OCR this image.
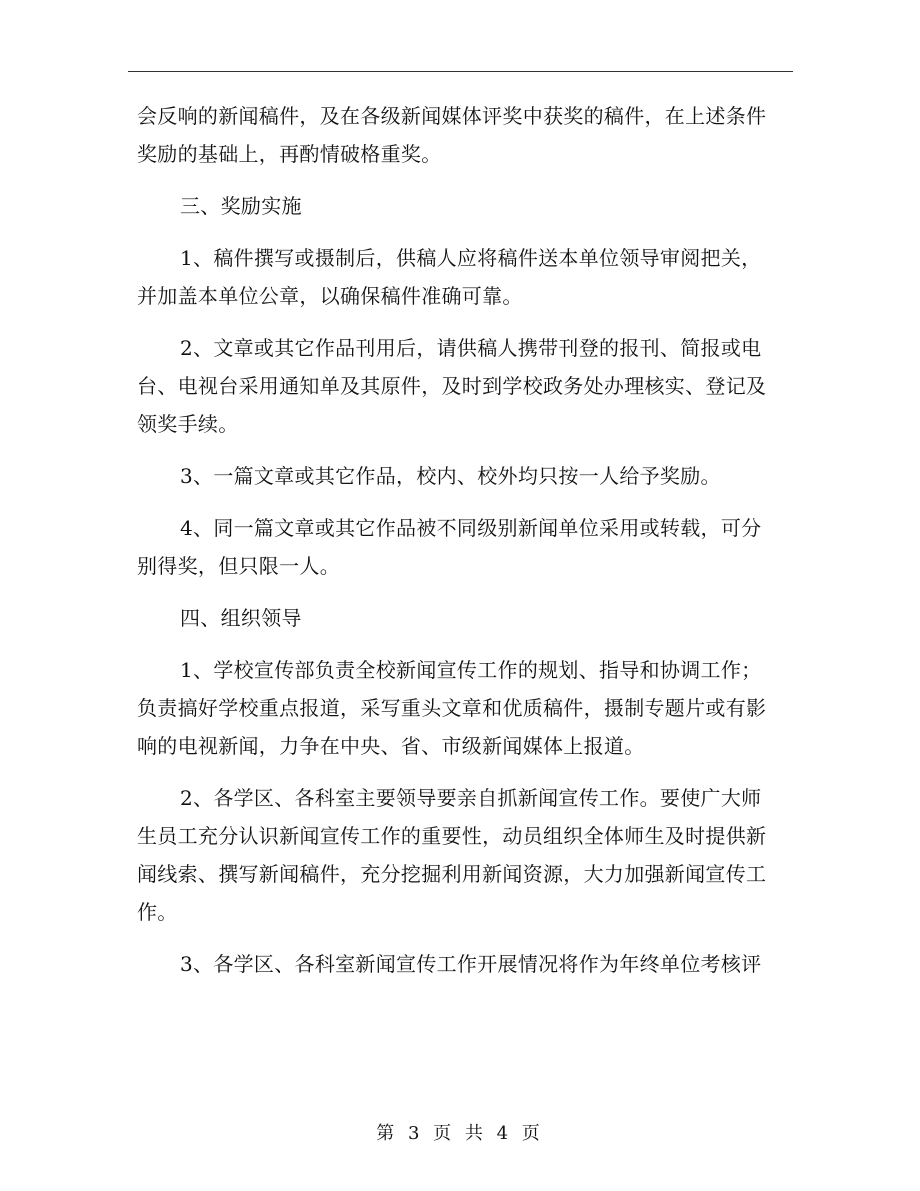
会反响的新闻稿件，及在各级新闻媒体评奖中获奖的稿件，在上述条件
奖励的基础上，再酌情破格重奖。

三、奖励实施

1、稿件撰写或摄制后，供稿人应将稿件送本单位领导审阅把关，
并加盖本单位公章，以确保稿件准确可靠。

2、文章或其它作品刊用后，请供稿人携带刊登的报刊、简报或电
台、电视台采用通知单及其原件，及时到学校政务处办理核实、登记及
领奖手续。

3、一篇文章或其它作品，校内、校外均只按一人给予奖励。

4、同一篇文章或其它作品被不同级别新闻单位采用或转载，可分
别得奖，但只限一人。

四、组织领导

1、学校宣传部负责全校新闻宣传工作的规划、指导和协调工作；
负责搞好学校重点报道，采写重头文章和优质稿件，摄制专题片或有影
响的电视新闻，力争在中央、省、市级新闻媒体上报道。

2、各学区、各科室主要领导要亲自抓新闻宣传工作。要使广大师
生员工充分认识新闻宣传工作的重要性，动员组织全体师生及时提供新
闻线索、撰写新闻稿件，充分挖掘利用新闻资源，大力加强新闻宣传工
作。

3、各学区、各科室新闻宣传工作开展情况将作为年终单位考核评

第 3 页 共 4 页
